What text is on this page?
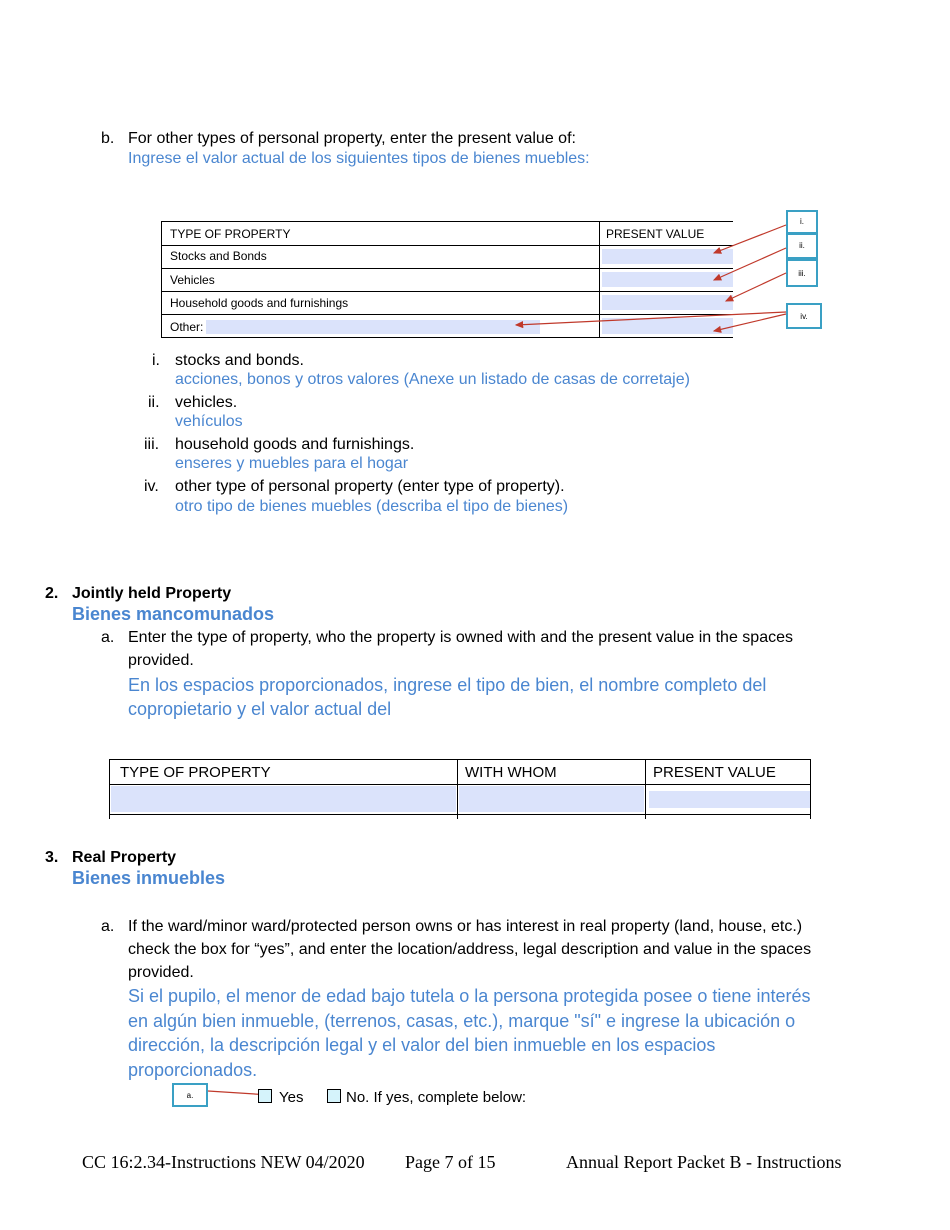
b. For other types of personal property, enter the present value of:
Ingrese el valor actual de los siguientes tipos de bienes muebles:
TYPE OF PROPERTY	PRESENT VALUE
Stocks and Bonds
Vehicles
Household goods and furnishings
Other:
i.
ii.
iii.
iv.
i. stocks and bonds.
acciones, bonos y otros valores (Anexe un listado de casas de corretaje)
ii. vehicles.
vehículos
iii. household goods and furnishings.
enseres y muebles para el hogar
iv. other type of personal property (enter type of property).
otro tipo de bienes muebles (describa el tipo de bienes)
2. Jointly held Property
Bienes mancomunados
a. Enter the type of property, who the property is owned with and the present value in the spaces
provided.
En los espacios proporcionados, ingrese el tipo de bien, el nombre completo del
copropietario y el valor actual del
TYPE OF PROPERTY	WITH WHOM	PRESENT VALUE
3. Real Property
Bienes inmuebles
a. If the ward/minor ward/protected person owns or has interest in real property (land, house, etc.)
check the box for “yes”, and enter the location/address, legal description and value in the spaces
provided.
Si el pupilo, el menor de edad bajo tutela o la persona protegida posee o tiene interés
en algún bien inmueble, (terrenos, casas, etc.), marque "sí" e ingrese la ubicación o
dirección, la descripción legal y el valor del bien inmueble en los espacios
proporcionados.
a.	Yes	No. If yes, complete below:
CC 16:2.34-Instructions NEW 04/2020 Page 7 of 15	Annual Report Packet B - Instructions
